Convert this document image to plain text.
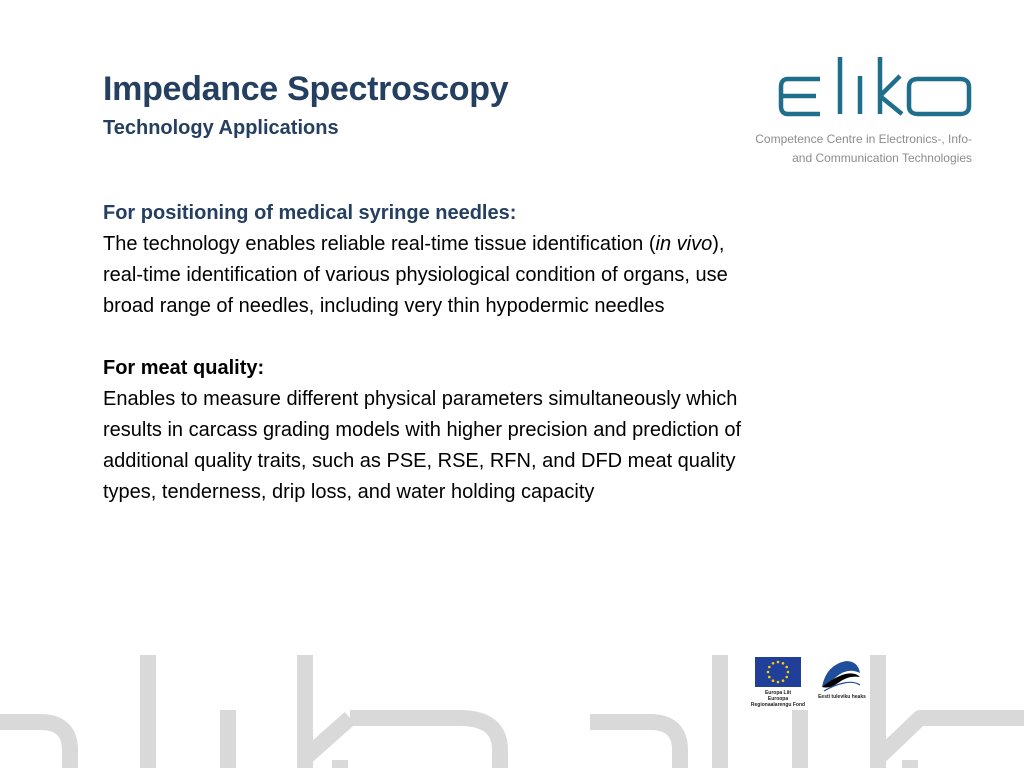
Impedance Spectroscopy
Technology Applications	Competence Centre in Electronics-, Info-
and Communication Technologies

For positioning of medical syringe needles:

The technology enables reliable real-time tissue identification (in vivo),
real-time identification of various physiological condition of organs, use
broad range of needles, including very thin hypodermic needles

For meat quality:

Enables to measure different physical parameters simultaneously which
results in carcass grading models with higher precision and prediction of
additional quality traits, such as PSE, RSE, RFN, and DFD meat quality
types, tenderness, drip loss, and water holding capacity

Europa Liit
Euroopa
Regionaalarengu Fond
Eesti tuleviku heaks
